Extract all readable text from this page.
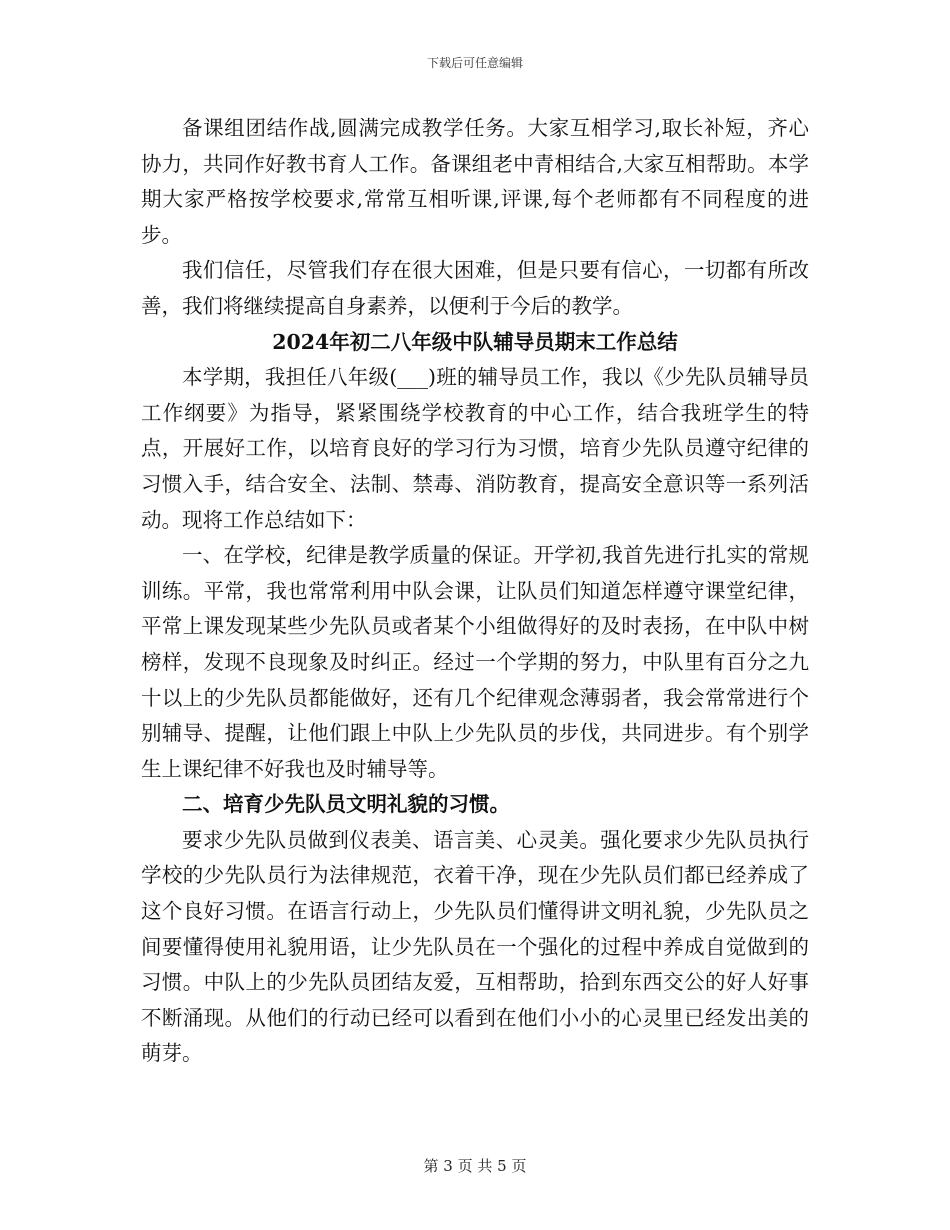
下载后可任意编辑

备课组团结作战,圆满完成教学任务。大家互相学习,取长补短，齐心协力，共同作好教书育人工作。备课组老中青相结合,大家互相帮助。本学期大家严格按学校要求,常常互相听课,评课,每个老师都有不同程度的进步。

我们信任，尽管我们存在很大困难，但是只要有信心，一切都有所改善，我们将继续提高自身素养，以便利于今后的教学。

2024年初二八年级中队辅导员期末工作总结

本学期，我担任八年级(___)班的辅导员工作，我以《少先队员辅导员工作纲要》为指导，紧紧围绕学校教育的中心工作，结合我班学生的特点，开展好工作，以培育良好的学习行为习惯，培育少先队员遵守纪律的习惯入手，结合安全、法制、禁毒、消防教育，提高安全意识等一系列活动。现将工作总结如下：

一、在学校，纪律是教学质量的保证。开学初,我首先进行扎实的常规训练。平常，我也常常利用中队会课，让队员们知道怎样遵守课堂纪律，平常上课发现某些少先队员或者某个小组做得好的及时表扬，在中队中树榜样，发现不良现象及时纠正。经过一个学期的努力，中队里有百分之九十以上的少先队员都能做好，还有几个纪律观念薄弱者，我会常常进行个别辅导、提醒，让他们跟上中队上少先队员的步伐，共同进步。有个别学生上课纪律不好我也及时辅导等。

二、培育少先队员文明礼貌的习惯。

要求少先队员做到仪表美、语言美、心灵美。强化要求少先队员执行学校的少先队员行为法律规范，衣着干净，现在少先队员们都已经养成了这个良好习惯。在语言行动上，少先队员们懂得讲文明礼貌，少先队员之间要懂得使用礼貌用语，让少先队员在一个强化的过程中养成自觉做到的习惯。中队上的少先队员团结友爱，互相帮助，拾到东西交公的好人好事不断涌现。从他们的行动已经可以看到在他们小小的心灵里已经发出美的萌芽。

第 3 页 共 5 页
